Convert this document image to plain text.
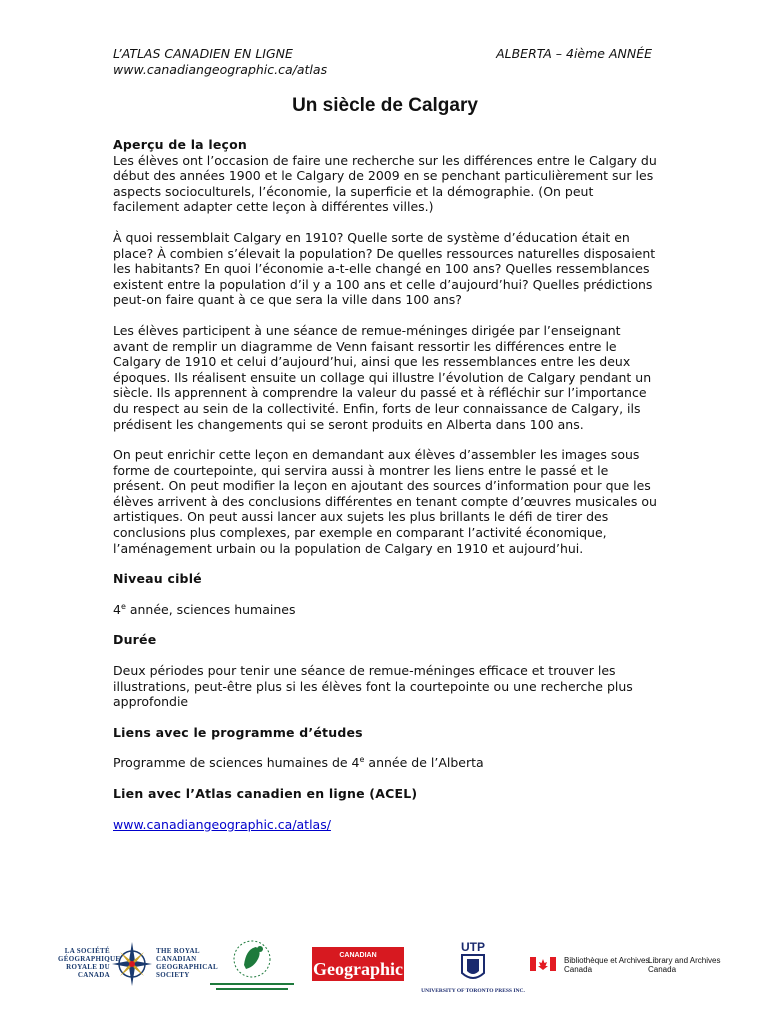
L’ATLAS CANADIEN EN LIGNE
www.canadiangeographic.ca/atlas
ALBERTA – 4ième ANNÉE
Un siècle de Calgary

Aperçu de la leçon

Les élèves ont l’occasion de faire une recherche sur les différences entre le Calgary du début des années 1900 et le Calgary de 2009 en se penchant particulièrement sur les aspects socioculturels, l’économie, la superficie et la démographie. (On peut facilement adapter cette leçon à différentes villes.)

À quoi ressemblait Calgary en 1910? Quelle sorte de système d’éducation était en place? À combien s’élevait la population? De quelles ressources naturelles disposaient les habitants? En quoi l’économie a-t-elle changé en 100 ans? Quelles ressemblances existent entre la population d’il y a 100 ans et celle d’aujourd’hui? Quelles prédictions peut-on faire quant à ce que sera la ville dans 100 ans?

Les élèves participent à une séance de remue-méninges dirigée par l’enseignant avant de remplir un diagramme de Venn faisant ressortir les différences entre le Calgary de 1910 et celui d’aujourd’hui, ainsi que les ressemblances entre les deux époques. Ils réalisent ensuite un collage qui illustre l’évolution de Calgary pendant un siècle. Ils apprennent à comprendre la valeur du passé et à réfléchir sur l’importance du respect au sein de la collectivité. Enfin, forts de leur connaissance de Calgary, ils prédisent les changements qui se seront produits en Alberta dans 100 ans.

On peut enrichir cette leçon en demandant aux élèves d’assembler les images sous forme de courtepointe, qui servira aussi à montrer les liens entre le passé et le présent. On peut modifier la leçon en ajoutant des sources d’information pour que les élèves arrivent à des conclusions différentes en tenant compte d’œuvres musicales ou artistiques. On peut aussi lancer aux sujets les plus brillants le défi de tirer des conclusions plus complexes, par exemple en comparant l’activité économique, l’aménagement urbain ou la population de Calgary en 1910 et aujourd’hui.

Niveau ciblé

4e année, sciences humaines

Durée

Deux périodes pour tenir une séance de remue-méninges efficace et trouver les illustrations, peut-être plus si les élèves font la courtepointe ou une recherche plus approfondie

Liens avec le programme d’études

Programme de sciences humaines de 4e année de l’Alberta

Lien avec l’Atlas canadien en ligne (ACEL)

www.canadiangeographic.ca/atlas/

LA SOCIÉTÉ
GÉOGRAPHIQUE
ROYALE DU
CANADA
THE ROYAL
CANADIAN
GEOGRAPHICAL
SOCIETY
CANADIAN
Geographic
UTP
UNIVERSITY OF TORONTO PRESS INC.
Bibliothèque et Archives
Canada
Library and Archives
Canada
